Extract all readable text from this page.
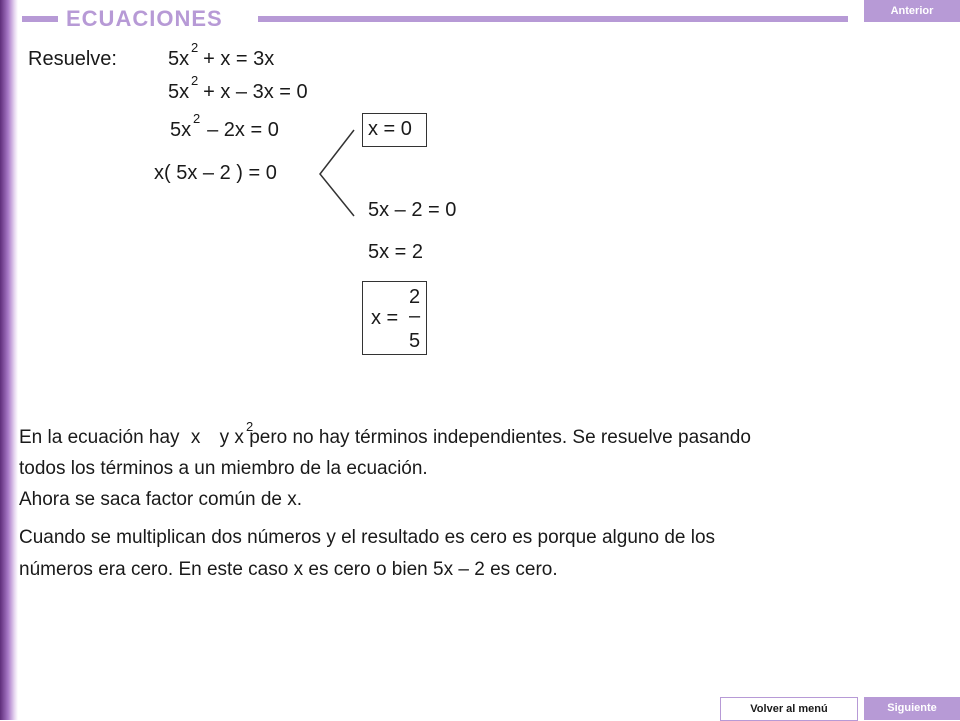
ECUACIONES	Anterior
Resuelve:	5x + x = 3x
2
5x + x – 3x = 0
2
5x – 2x = 0
2
x( 5x – 2 ) = 0
x = 0
5x – 2 = 0
5x = 2
x =
2
–
5
En la ecuación hay x y x pero no hay términos independientes. Se resuelve pasando
2
todos los términos a un miembro de la ecuación.
Ahora se saca factor común de x.
Cuando se multiplican dos números y el resultado es cero es porque alguno de los
números era cero. En este caso x es cero o bien 5x – 2 es cero.
Volver al menú	Siguiente
